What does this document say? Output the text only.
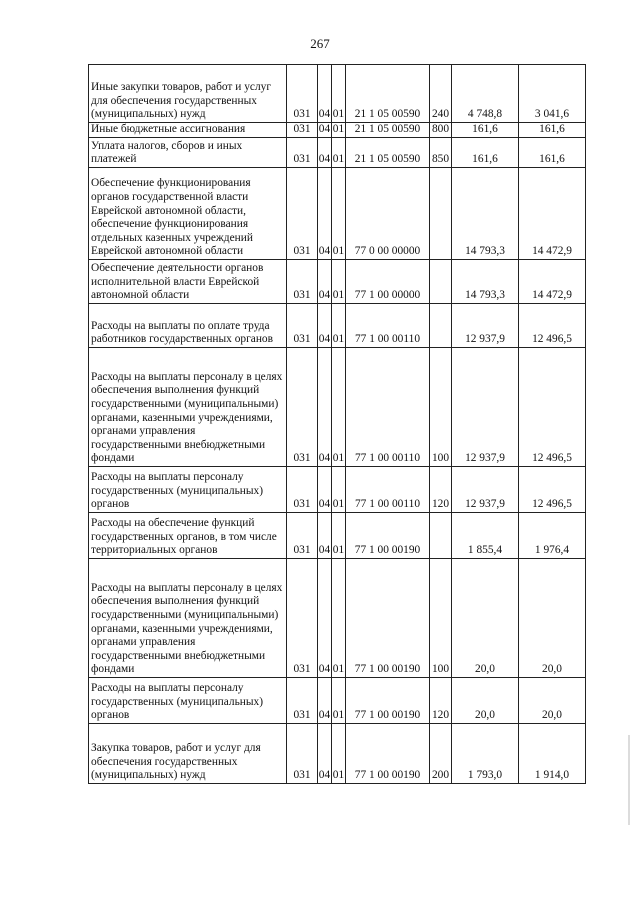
267
Иные закупки товаров, работ и услуг для обеспечения государственных (муниципальных) нужд	031	04	01	21 1 05 00590	240	4 748,8	3 041,6
Иные бюджетные ассигнования	031	04	01	21 1 05 00590	800	161,6	161,6
Уплата налогов, сборов и иных платежей	031	04	01	21 1 05 00590	850	161,6	161,6
Обеспечение функционирования органов государственной власти Еврейской автономной области, обеспечение функционирования отдельных казенных учреждений Еврейской автономной области	031	04	01	77 0 00 00000		14 793,3	14 472,9
Обеспечение деятельности органов исполнительной власти Еврейской автономной области	031	04	01	77 1 00 00000		14 793,3	14 472,9
Расходы на выплаты по оплате труда работников государственных органов	031	04	01	77 1 00 00110		12 937,9	12 496,5
Расходы на выплаты персоналу в целях обеспечения выполнения функций государственными (муниципальными) органами, казенными учреждениями, органами управления государственными внебюджетными фондами	031	04	01	77 1 00 00110	100	12 937,9	12 496,5
Расходы на выплаты персоналу государственных (муниципальных) органов	031	04	01	77 1 00 00110	120	12 937,9	12 496,5
Расходы на обеспечение функций государственных органов, в том числе территориальных органов	031	04	01	77 1 00 00190		1 855,4	1 976,4
Расходы на выплаты персоналу в целях обеспечения выполнения функций государственными (муниципальными) органами, казенными учреждениями, органами управления государственными внебюджетными фондами	031	04	01	77 1 00 00190	100	20,0	20,0
Расходы на выплаты персоналу государственных (муниципальных) органов	031	04	01	77 1 00 00190	120	20,0	20,0
Закупка товаров, работ и услуг для обеспечения государственных (муниципальных) нужд	031	04	01	77 1 00 00190	200	1 793,0	1 914,0
